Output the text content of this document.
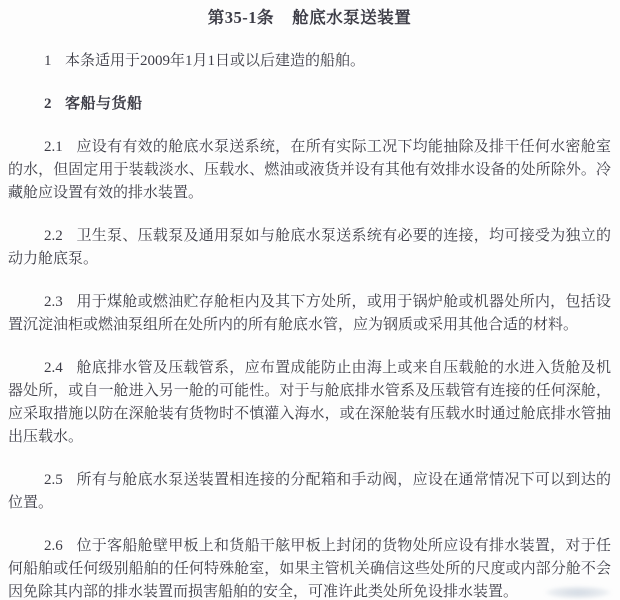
第35-1条 舱底水泵送装置

1 本条适用于2009年1月1日或以后建造的船舶。

2 客船与货船

2.1 应设有有效的舱底水泵送系统，在所有实际工况下均能抽除及排干任何水密舱室的水，但固定用于装载淡水、压载水、燃油或液货并设有其他有效排水设备的处所除外。冷藏舱应设置有效的排水装置。

2.2 卫生泵、压载泵及通用泵如与舱底水泵送系统有必要的连接，均可接受为独立的动力舱底泵。

2.3 用于煤舱或燃油贮存舱柜内及其下方处所，或用于锅炉舱或机器处所内，包括设置沉淀油柜或燃油泵组所在处所内的所有舱底水管，应为钢质或采用其他合适的材料。

2.4 舱底排水管及压载管系，应布置成能防止由海上或来自压载舱的水进入货舱及机器处所，或自一舱进入另一舱的可能性。对于与舱底排水管系及压载管有连接的任何深舱，应采取措施以防在深舱装有货物时不慎灌入海水，或在深舱装有压载水时通过舱底排水管抽出压载水。

2.5 所有与舱底水泵送装置相连接的分配箱和手动阀，应设在通常情况下可以到达的位置。

2.6 位于客船舱壁甲板上和货船干舷甲板上封闭的货物处所应设有排水装置，对于任何船舶或任何级别船舶的任何特殊舱室，如果主管机关确信这些处所的尺度或内部分舱不会因免除其内部的排水装置而损害船舶的安全，可准许此类处所免设排水装置。
